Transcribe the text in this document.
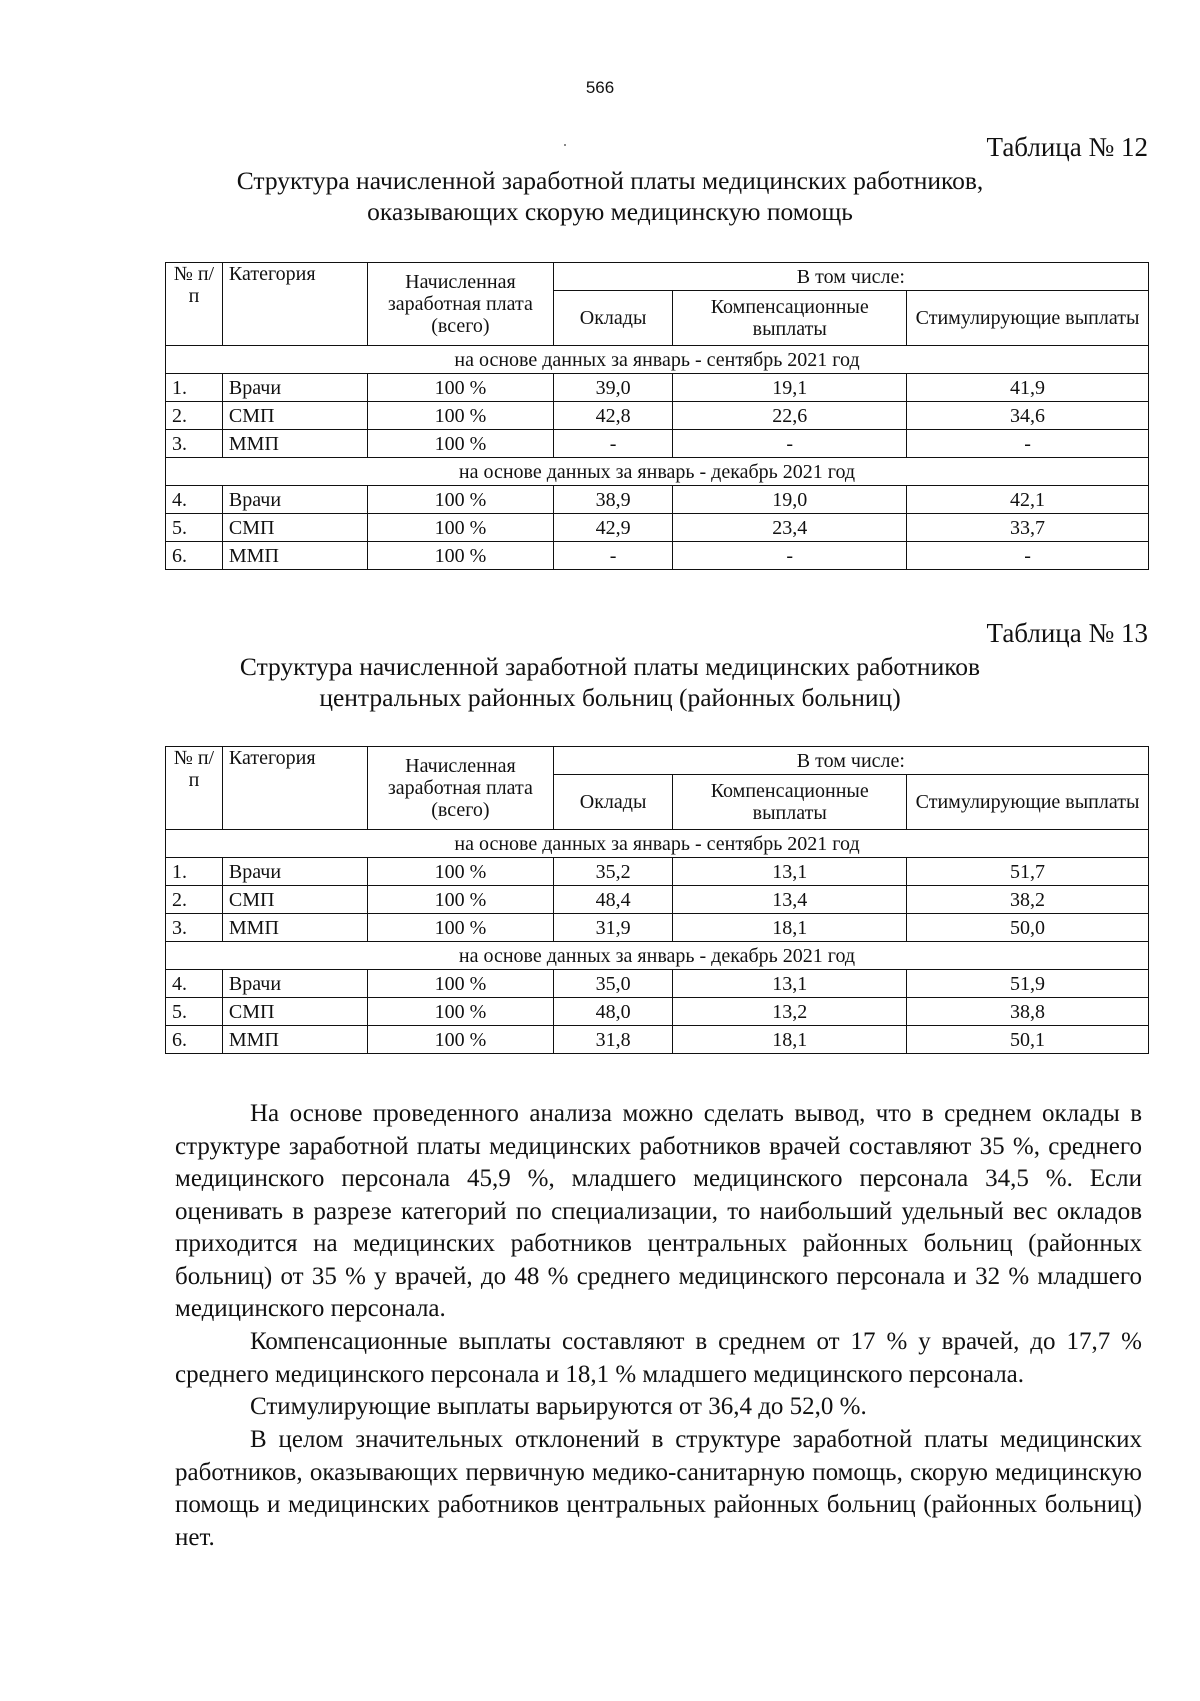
566
Таблица № 12
Структура начисленной заработной платы медицинских работников,
оказывающих скорую медицинскую помощь
№ п/п	Категория	Начисленная заработная плата (всего)	В том числе:		
			Оклады	Компенсационные выплаты	Стимулирующие выплаты
на основе данных за январь - сентябрь 2021 год					
1.	Врачи	100 %	39,0	19,1	41,9
2.	СМП	100 %	42,8	22,6	34,6
3.	ММП	100 %	-	-	-
на основе данных за январь - декабрь 2021 год					
4.	Врачи	100 %	38,9	19,0	42,1
5.	СМП	100 %	42,9	23,4	33,7
6.	ММП	100 %	-	-	-
Таблица № 13
Структура начисленной заработной платы медицинских работников
центральных районных больниц (районных больниц)
№ п/п	Категория	Начисленная заработная плата (всего)	В том числе:		
			Оклады	Компенсационные выплаты	Стимулирующие выплаты
на основе данных за январь - сентябрь 2021 год					
1.	Врачи	100 %	35,2	13,1	51,7
2.	СМП	100 %	48,4	13,4	38,2
3.	ММП	100 %	31,9	18,1	50,0
на основе данных за январь - декабрь 2021 год					
4.	Врачи	100 %	35,0	13,1	51,9
5.	СМП	100 %	48,0	13,2	38,8
6.	ММП	100 %	31,8	18,1	50,1

На основе проведенного анализа можно сделать вывод, что в среднем оклады в структуре заработной платы медицинских работников врачей составляют 35 %, среднего медицинского персонала 45,9 %, младшего медицинского персонала 34,5 %. Если оценивать в разрезе категорий по специализации, то наибольший удельный вес окладов приходится на медицинских работников центральных районных больниц (районных больниц) от 35 % у врачей, до 48 % среднего медицинского персонала и 32 % младшего медицинского персонала.

Компенсационные выплаты составляют в среднем от 17 % у врачей, до 17,7 % среднего медицинского персонала и 18,1 % младшего медицинского персонала.

Стимулирующие выплаты варьируются от 36,4 до 52,0 %.

В целом значительных отклонений в структуре заработной платы медицинских работников, оказывающих первичную медико-санитарную помощь, скорую медицинскую помощь и медицинских работников центральных районных больниц (районных больниц) нет.
